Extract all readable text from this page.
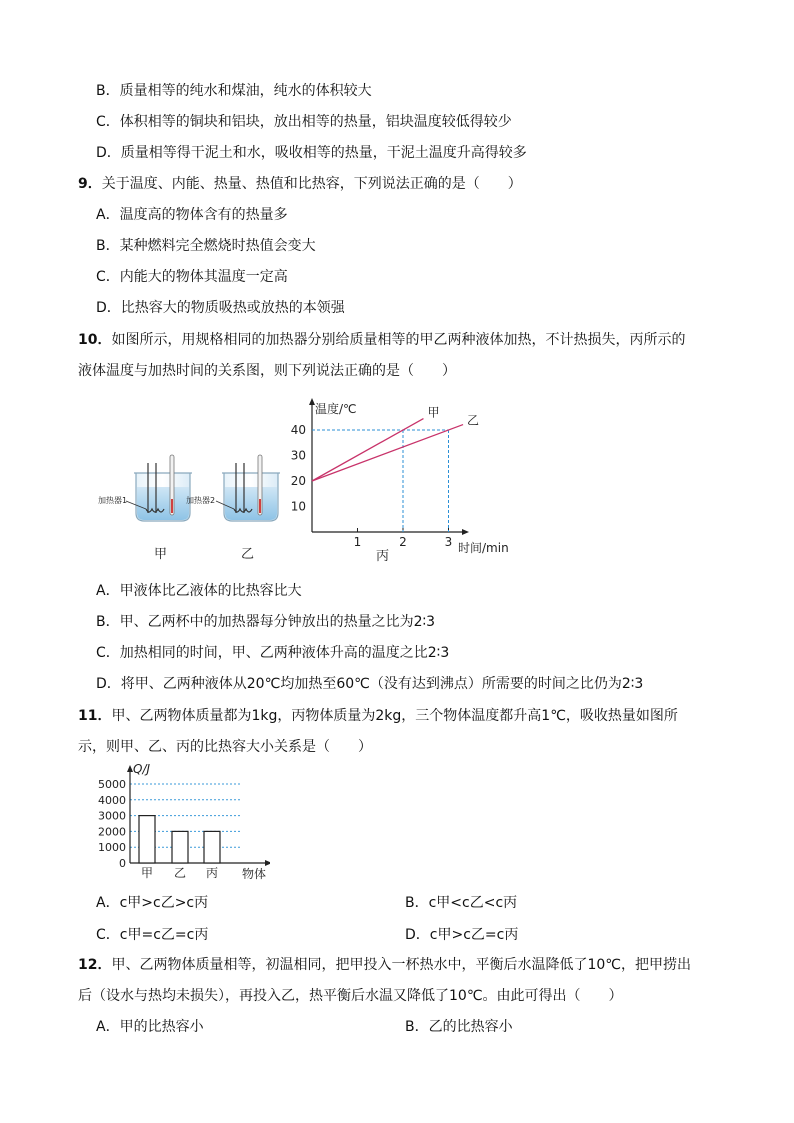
B．质量相等的纯水和煤油，纯水的体积较大
C．体积相等的铜块和铝块，放出相等的热量，铝块温度较低得较少
D．质量相等得干泥土和水，吸收相等的热量，干泥土温度升高得较多
9．关于温度、内能、热量、热值和比热容，下列说法正确的是（　　）
A．温度高的物体含有的热量多
B．某种燃料完全燃烧时热值会变大
C．内能大的物体其温度一定高
D．比热容大的物质吸热或放热的本领强
10．如图所示，用规格相同的加热器分别给质量相等的甲乙两种液体加热，不计热损失，丙所示的
液体温度与加热时间的关系图，则下列说法正确的是（　　）
加热器1	加热器2
甲	乙
温度/℃
时间/min
10
20
30
40
1	2	3
甲
乙
丙
A．甲液体比乙液体的比热容比大
B．甲、乙两杯中的加热器每分钟放出的热量之比为2∶3
C．加热相同的时间，甲、乙两种液体升高的温度之比2∶3
D．将甲、乙两种液体从20℃均加热至60℃（没有达到沸点）所需要的时间之比仍为2∶3
11．甲、乙两物体质量都为1kg，丙物体质量为2kg，三个物体温度都升高1℃，吸收热量如图所
示，则甲、乙、丙的比热容大小关系是（　　）
0
1000
2000
3000
4000
5000
Q/J
物体
甲 乙 丙
A．c甲>c乙>c丙	B．c甲<c乙<c丙
C．c甲=c乙=c丙	D．c甲>c乙=c丙
12．甲、乙两物体质量相等，初温相同，把甲投入一杯热水中，平衡后水温降低了10℃，把甲捞出
后（设水与热均未损失），再投入乙，热平衡后水温又降低了10℃。由此可得出（　　）
A．甲的比热容小	B．乙的比热容小
